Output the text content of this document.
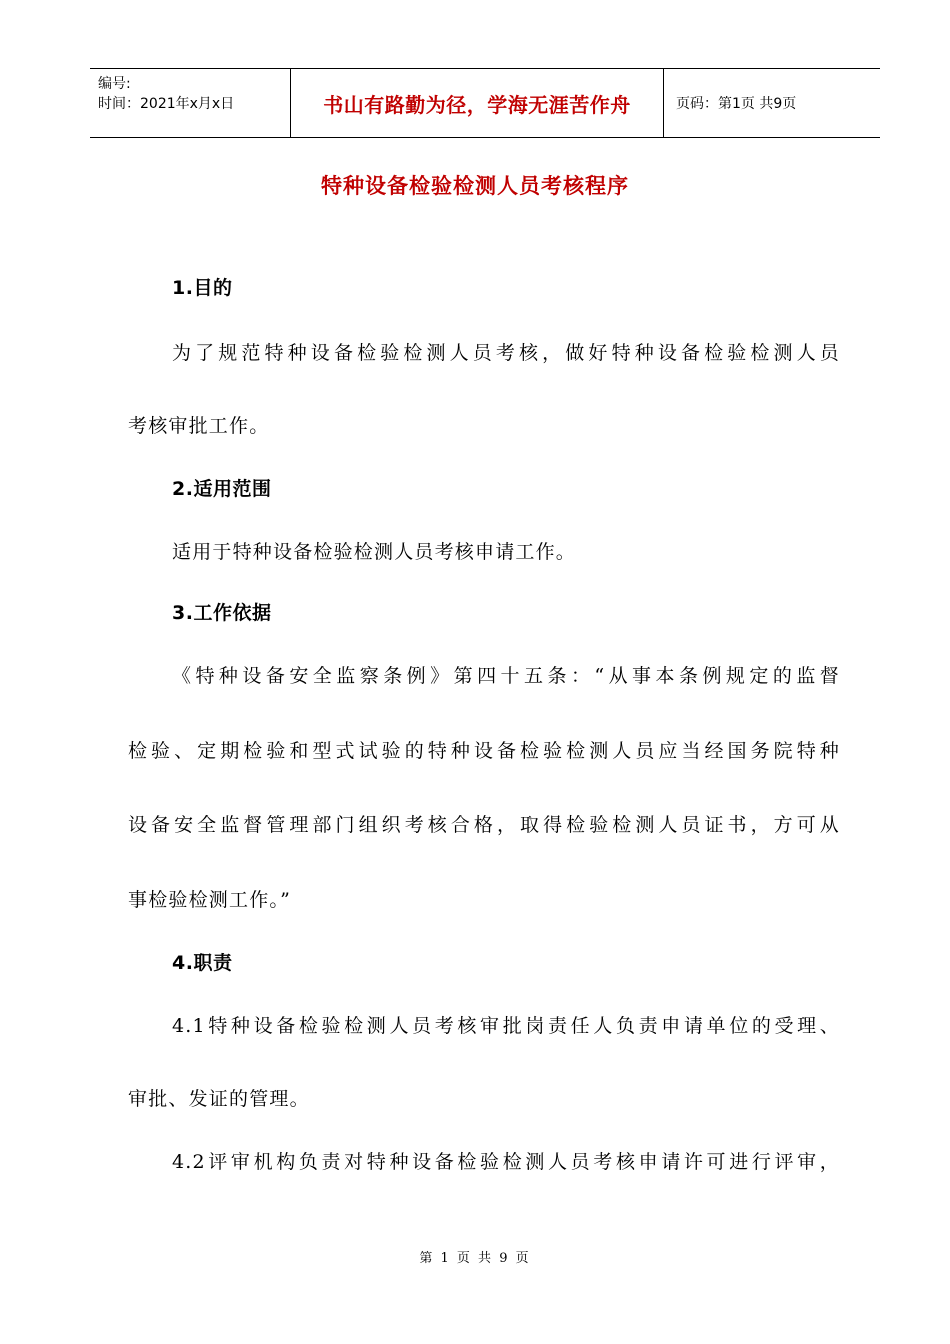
编号:
时间：2021年x月x日	书山有路勤为径，学海无涯苦作舟	页码：第1页 共9页
特种设备检验检测人员考核程序
1.目的
为了规范特种设备检验检测人员考核，做好特种设备检验检测人员
考核审批工作。
2.适用范围
适用于特种设备检验检测人员考核申请工作。
3.工作依据
《特种设备安全监察条例》第四十五条：“从事本条例规定的监督
检验、定期检验和型式试验的特种设备检验检测人员应当经国务院特种
设备安全监督管理部门组织考核合格，取得检验检测人员证书，方可从
事检验检测工作。”
4.职责
4.1特种设备检验检测人员考核审批岗责任人负责申请单位的受理、
审批、发证的管理。
4.2评审机构负责对特种设备检验检测人员考核申请许可进行评审，
第 1 页 共 9 页
